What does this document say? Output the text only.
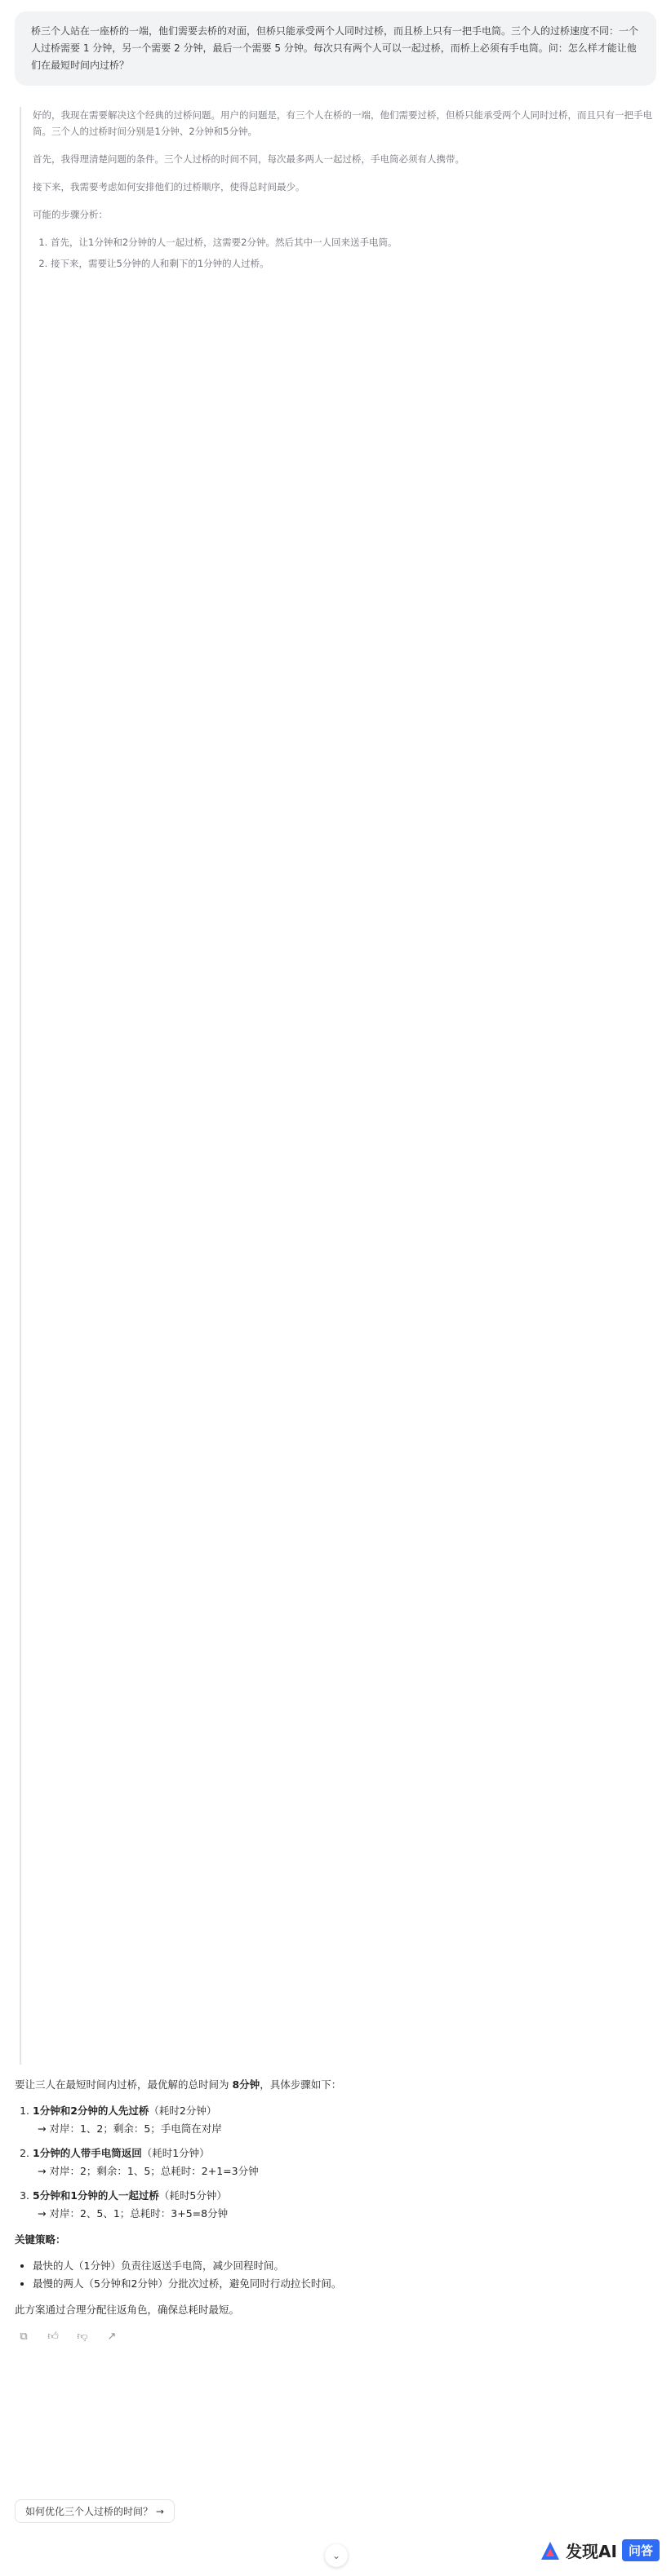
桥三个人站在一座桥的一端，他们需要去桥的对面，但桥只能承受两个人同时过桥，而且桥上只有一把手电筒。三个人的过桥速度不同：一个人过桥需要 1 分钟，另一个需要 2 分钟，最后一个需要 5 分钟。每次只有两个人可以一起过桥，而桥上必须有手电筒。问：怎么样才能让他们在最短时间内过桥？

好的，我现在需要解决这个经典的过桥问题。用户的问题是，有三个人在桥的一端，他们需要过桥，但桥只能承受两个人同时过桥，而且只有一把手电筒。三个人的过桥时间分别是1分钟、2分钟和5分钟。

首先，我得理清楚问题的条件。三个人过桥的时间不同，每次最多两人一起过桥，手电筒必须有人携带。

接下来，我需要考虑如何安排他们的过桥顺序，使得总时间最少。

可能的步骤分析：

1. 首先，让1分钟和2分钟的人一起过桥，这需要2分钟。然后其中一人回来送手电筒。
2. 接下来，需要让5分钟的人和剩下的1分钟的人过桥。

要让三人在最短时间内过桥，最优解的总时间为 8分钟，具体步骤如下：

1. 1分钟和2分钟的人先过桥（耗时2分钟）
→ 对岸：1、2；剩余：5；手电筒在对岸
2. 1分钟的人带手电筒返回（耗时1分钟）
→ 对岸：2；剩余：1、5；总耗时：2+1=3分钟
3. 5分钟和1分钟的人一起过桥（耗时5分钟）
→ 对岸：2、5、1；总耗时：3+5=8分钟

关键策略：

• 最快的人（1分钟）负责往返送手电筒，减少回程时间。
• 最慢的两人（5分钟和2分钟）分批次过桥，避免同时行动拉长时间。

此方案通过合理分配往返角色，确保总耗时最短。

⧉	👍︎ 👎︎ ↗
如何优化三个人过桥的时间？ →
⌄	发现AI 问答
